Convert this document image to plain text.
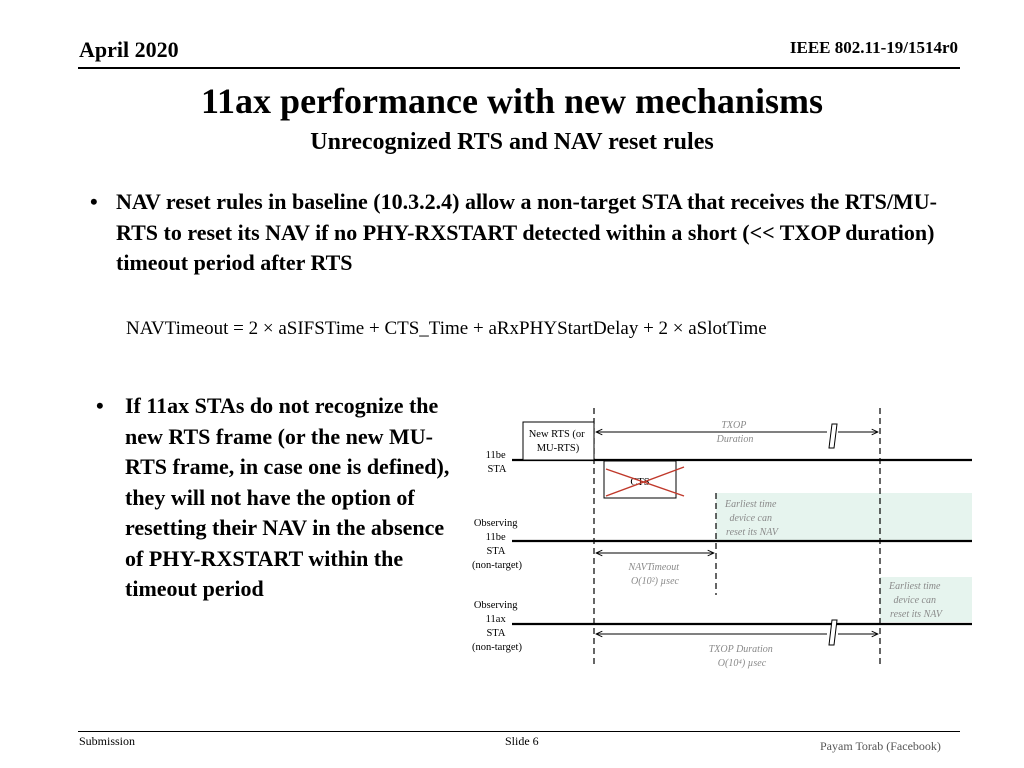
April 2020	IEEE 802.11-19/1514r0
11ax performance with new mechanisms
Unrecognized RTS and NAV reset rules
• NAV reset rules in baseline (10.3.2.4) allow a non-target STA that receives the RTS/MU-RTS to reset its NAV if no PHY-RXSTART detected within a short (<< TXOP duration) timeout period after RTS
NAVTimeout = 2 × aSIFSTime + CTS_Time + aRxPHYStartDelay + 2 × aSlotTime
• If 11ax STAs do not recognize the new RTS frame (or the new MU-RTS frame, in case one is defined), they will not have the option of resetting their NAV in the absence of PHY-RXSTART within the timeout period
11be STA
Observing 11be STA (non-target)
Observing 11ax STA (non-target)
New RTS (or MU-RTS)
CTS
TXOP Duration
Earliest time device can reset its NAV
NAVTimeout O(10²) µsec	Earliest time device can reset its NAV
TXOP Duration O(10⁴) µsec
Submission	Slide 6	Payam Torab (Facebook)
